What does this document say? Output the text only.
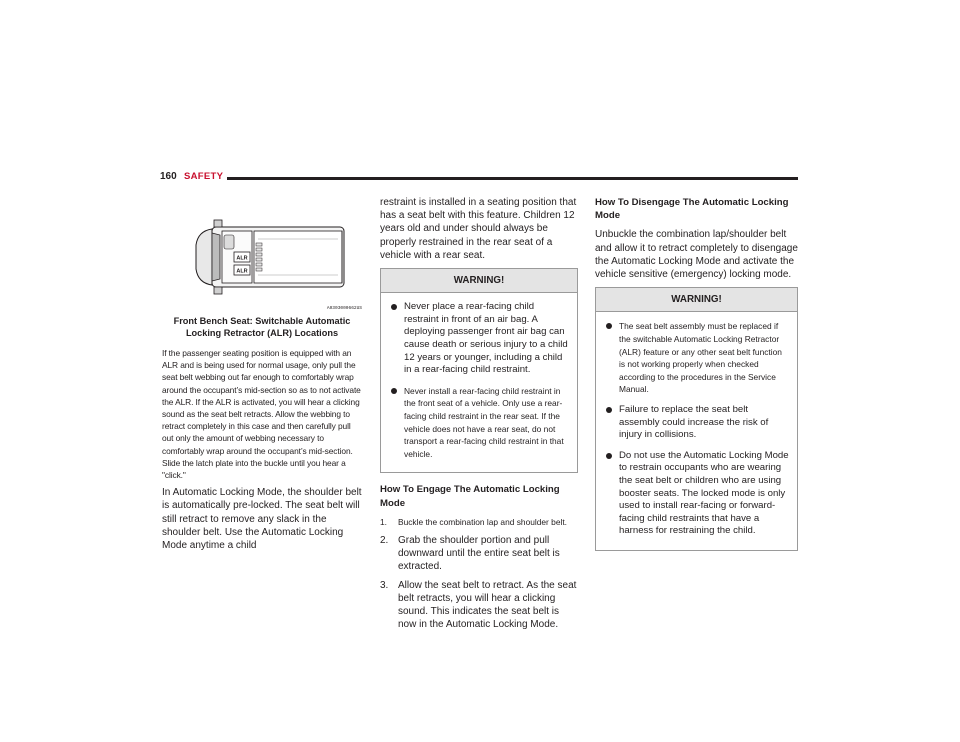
160 SAFETY
ALR
ALR
A0303000662US
Front Bench Seat: Switchable Automatic Locking Retractor (ALR) Locations

If the passenger seating position is equipped with an ALR and is being used for normal usage, only pull the seat belt webbing out far enough to comfortably wrap around the occupant’s mid-section so as to not activate the ALR. If the ALR is activated, you will hear a clicking sound as the seat belt retracts. Allow the webbing to retract completely in this case and then carefully pull out only the amount of webbing necessary to comfortably wrap around the occupant’s mid-section. Slide the latch plate into the buckle until you hear a "click."

In Automatic Locking Mode, the shoulder belt is automatically pre-locked. The seat belt will still retract to remove any slack in the shoulder belt. Use the Automatic Locking Mode anytime a child

restraint is installed in a seating position that has a seat belt with this feature. Children 12 years old and under should always be properly restrained in the rear seat of a vehicle with a rear seat.

WARNING!
Never place a rear-facing child restraint in front of an air bag. A deploying passenger front air bag can cause death or serious injury to a child 12 years or younger, including a child in a rear-facing child restraint.
Never install a rear-facing child restraint in the front seat of a vehicle. Only use a rear-facing child restraint in the rear seat. If the vehicle does not have a rear seat, do not transport a rear-facing child restraint in that vehicle.
How To Engage The Automatic Locking Mode
1. Buckle the combination lap and shoulder belt.
2. Grab the shoulder portion and pull downward until the entire seat belt is extracted.
3. Allow the seat belt to retract. As the seat belt retracts, you will hear a clicking sound. This indicates the seat belt is now in the Automatic Locking Mode.
How To Disengage The Automatic Locking Mode

Unbuckle the combination lap/shoulder belt and allow it to retract completely to disengage the Automatic Locking Mode and activate the vehicle sensitive (emergency) locking mode.

WARNING!
The seat belt assembly must be replaced if the switchable Automatic Locking Retractor (ALR) feature or any other seat belt function is not working properly when checked according to the procedures in the Service Manual.
Failure to replace the seat belt assembly could increase the risk of injury in collisions.
Do not use the Automatic Locking Mode to restrain occupants who are wearing the seat belt or children who are using booster seats. The locked mode is only used to install rear-facing or forward-facing child restraints that have a harness for restraining the child.
